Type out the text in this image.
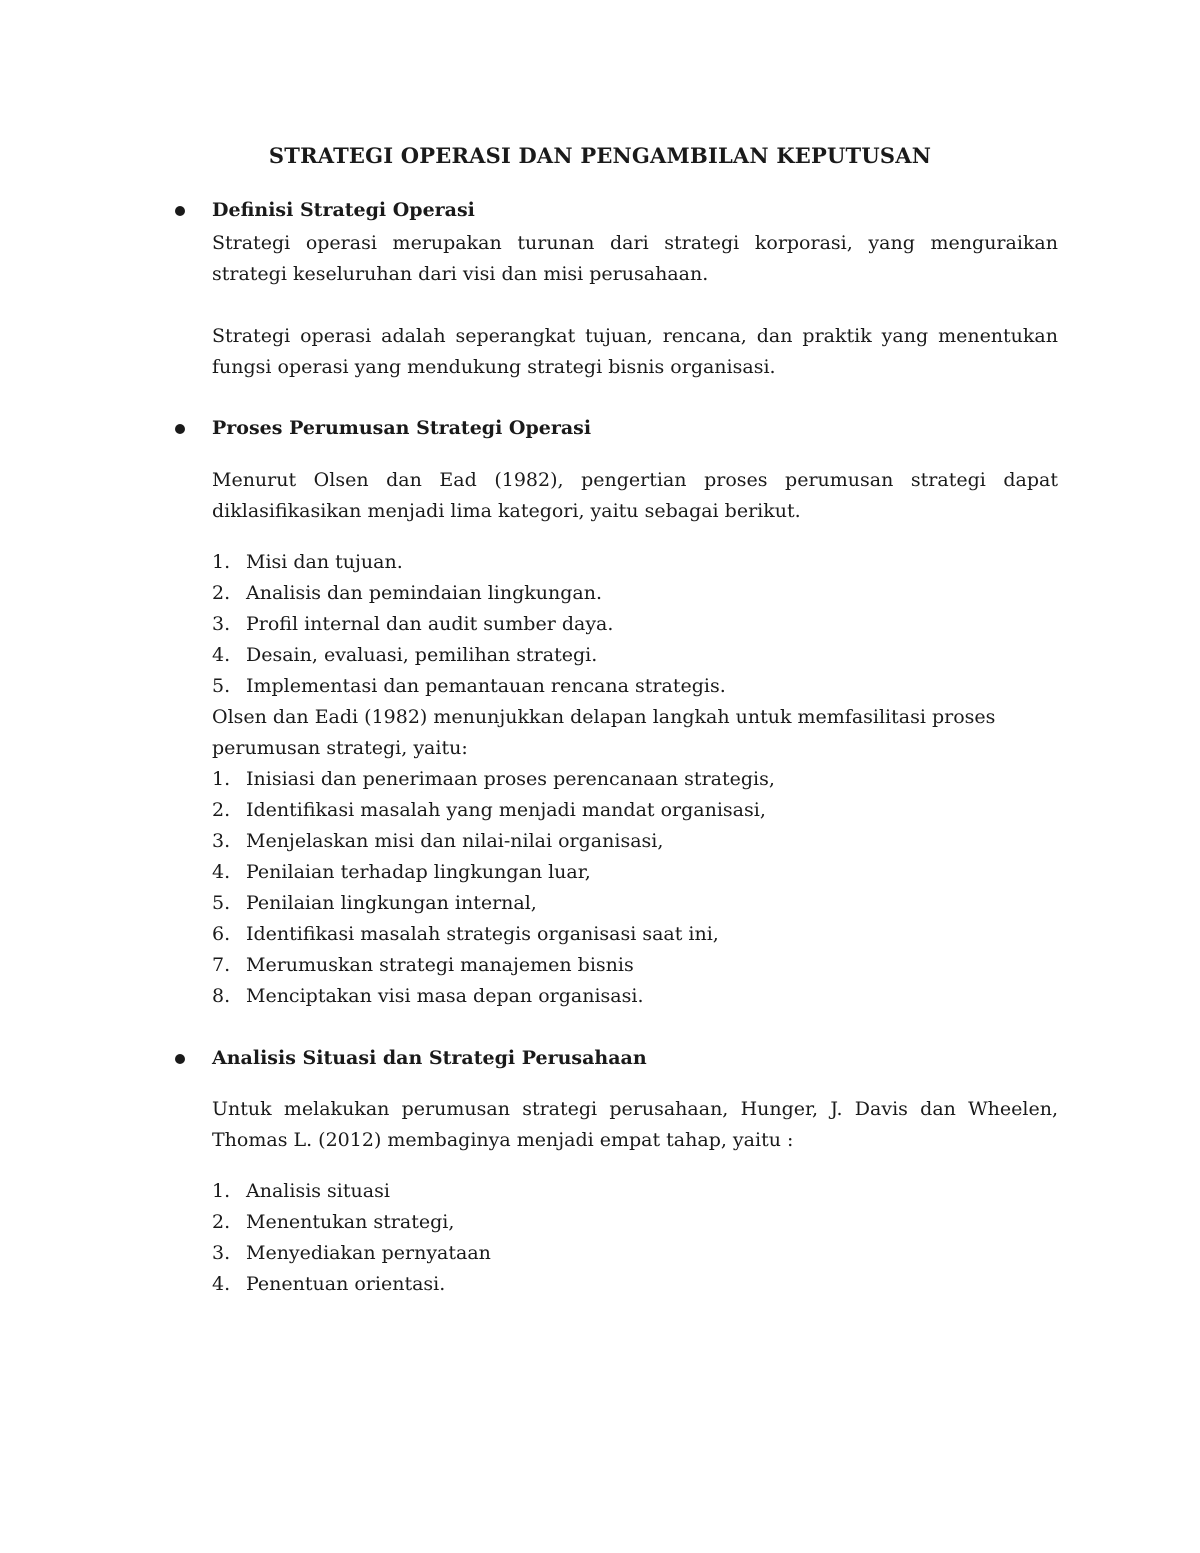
STRATEGI OPERASI DAN PENGAMBILAN KEPUTUSAN
Definisi Strategi Operasi

Strategi operasi merupakan turunan dari strategi korporasi, yang menguraikan strategi keseluruhan dari visi dan misi perusahaan.

Strategi operasi adalah seperangkat tujuan, rencana, dan praktik yang menentukan fungsi operasi yang mendukung strategi bisnis organisasi.

Proses Perumusan Strategi Operasi

Menurut Olsen dan Ead (1982), pengertian proses perumusan strategi dapat diklasifikasikan menjadi lima kategori, yaitu sebagai berikut.

1. Misi dan tujuan.
2. Analisis dan pemindaian lingkungan.
3. Profil internal dan audit sumber daya.
4. Desain, evaluasi, pemilihan strategi.
5. Implementasi dan pemantauan rencana strategis.

Olsen dan Eadi (1982) menunjukkan delapan langkah untuk memfasilitasi proses perumusan strategi, yaitu:

1. Inisiasi dan penerimaan proses perencanaan strategis,
2. Identifikasi masalah yang menjadi mandat organisasi,
3. Menjelaskan misi dan nilai-nilai organisasi,
4. Penilaian terhadap lingkungan luar,
5. Penilaian lingkungan internal,
6. Identifikasi masalah strategis organisasi saat ini,
7. Merumuskan strategi manajemen bisnis
8. Menciptakan visi masa depan organisasi.
Analisis Situasi dan Strategi Perusahaan

Untuk melakukan perumusan strategi perusahaan, Hunger, J. Davis dan Wheelen, Thomas L. (2012) membaginya menjadi empat tahap, yaitu :

1. Analisis situasi
2. Menentukan strategi,
3. Menyediakan pernyataan
4. Penentuan orientasi.
